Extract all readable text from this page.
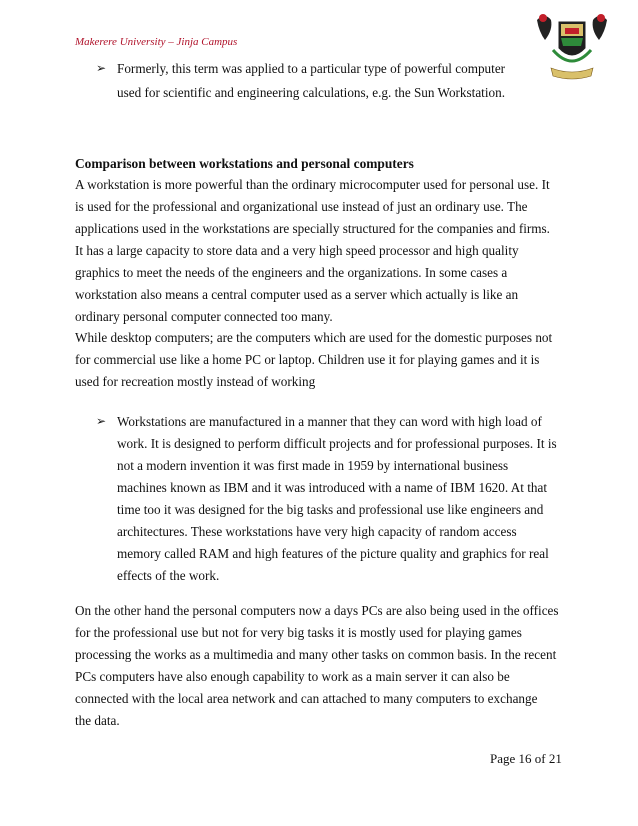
Makerere University – Jinja Campus
➢ Formerly, this term was applied to a particular type of powerful computer
used for scientific and engineering calculations, e.g. the Sun Workstation.
Comparison between workstations and personal computers
A workstation is more powerful than the ordinary microcomputer used for personal use. It
is used for the professional and organizational use instead of just an ordinary use. The
applications used in the workstations are specially structured for the companies and firms.
It has a large capacity to store data and a very high speed processor and high quality
graphics to meet the needs of the engineers and the organizations. In some cases a
workstation also means a central computer used as a server which actually is like an
ordinary personal computer connected too many.
While desktop computers; are the computers which are used for the domestic purposes not
for commercial use like a home PC or laptop. Children use it for playing games and it is
used for recreation mostly instead of working
➢ Workstations are manufactured in a manner that they can word with high load of
work. It is designed to perform difficult projects and for professional purposes. It is
not a modern invention it was first made in 1959 by international business
machines known as IBM and it was introduced with a name of IBM 1620. At that
time too it was designed for the big tasks and professional use like engineers and
architectures. These workstations have very high capacity of random access
memory called RAM and high features of the picture quality and graphics for real
effects of the work.
On the other hand the personal computers now a days PCs are also being used in the offices
for the professional use but not for very big tasks it is mostly used for playing games
processing the works as a multimedia and many other tasks on common basis. In the recent
PCs computers have also enough capability to work as a main server it can also be
connected with the local area network and can attached to many computers to exchange
the data.
Page 16 of 21
